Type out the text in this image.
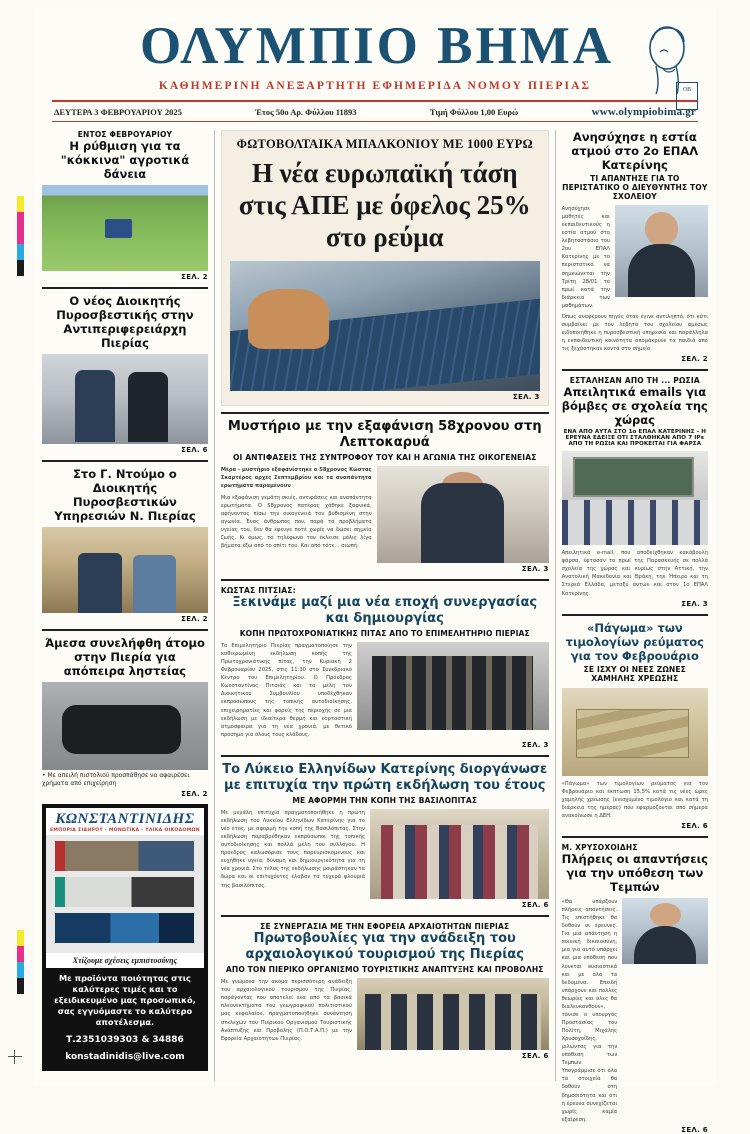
ΟΒ
ΟΛΥΜΠΙΟ ΒΗΜΑ
ΚΑΘΗΜΕΡΙΝΗ ΑΝΕΞΑΡΤΗΤΗ ΕΦΗΜΕΡΙΔΑ ΝΟΜΟΥ ΠΙΕΡΙΑΣ
ΔΕΥΤΕΡΑ 3 ΦΕΒΡΟΥΑΡΙΟΥ 2025	Έτος 50ο Αρ. Φύλλου 11893	Τιμή Φύλλου 1,00 Ευρώ	www.olympiobima.gr
ΕΝΤΟΣ ΦΕΒΡΟΥΑΡΙΟΥ
Η ρύθμιση για τα "κόκκινα" αγροτικά δάνεια
ΣΕΛ. 2
Ο νέος Διοικητής Πυροσβεστικής στην Αντιπεριφερειάρχη Πιερίας
ΣΕΛ. 6
Στο Γ. Ντούμο ο Διοικητής Πυροσβεστικών Υπηρεσιών Ν. Πιερίας
ΣΕΛ. 2
Άμεσα συνελήφθη άτομο στην Πιερία για απόπειρα ληστείας
• Με απειλή πιστολιού προσπάθησε να αφαιρέσει χρήματα από επιχείρηση
ΣΕΛ. 2
ΚΩΝΣΤΑΝΤΙΝΙΔΗΣ
ΕΜΠΟΡΙΑ ΣΙΔΗΡΟΥ · ΜΟΝΩΤΙΚΑ · ΥΛΙΚΑ ΟΙΚΟΔΟΜΩΝ
Χτίζουμε σχέσεις εμπιστοσύνης
Με προϊόντα ποιότητας στις καλύτερες τιμές και το εξειδικευμένο μας προσωπικό, σας εγγυόμαστε το καλύτερο αποτέλεσμα.
Τ.2351039303 & 34886
konstadinidis@live.com
ΦΩΤΟΒΟΛΤΑΙΚΑ ΜΠΑΛΚΟΝΙΟΥ ΜΕ 1000 ΕΥΡΩ
Η νέα ευρωπαϊκή τάση στις ΑΠΕ με όφελος 25% στο ρεύμα
ΣΕΛ. 3
Μυστήριο με την εξαφάνιση 58χρονου στη Λεπτοκαρυά
ΟΙ ΑΝΤΙΦΑΣΕΙΣ ΤΗΣ ΣΥΝΤΡΟΦΟΥ ΤΟΥ ΚΑΙ Η ΑΓΩΝΙΑ ΤΗΣ ΟΙΚΟΓΕΝΕΙΑΣ
Μέρα - μυστήριο εξαφανίστηκε ο 58χρονος Κώστας Σκαρτέρος αρχές Σεπτεμβρίου και τα αναπάντητα ερωτήματα παραμένουν
Μια εξαφάνιση γεμάτη σκιές, αντιφάσεις και αναπάντητα ερωτήματα. Ο 58χρονος πατέρας χάθηκε ξαφνικά, αφήνοντας πίσω την οικογένειά του βυθισμένη στην αγωνία. Ένας άνθρωπος που, παρά τα προβλήματα υγείας του, δεν θα έφευγε ποτέ χωρίς να δώσει σημεία ζωής. Κι όμως, το τηλέφωνό του έκλεισε μόλις λίγα βήματα έξω από το σπίτι του. Και από τότε… σιωπή.
ΣΕΛ. 3
ΚΩΣΤΑΣ ΠΙΤΣΙΑΣ:
Ξεκινάμε μαζί μια νέα εποχή συνεργασίας και δημιουργίας
ΚΟΠΗ ΠΡΩΤΟΧΡΟΝΙΑΤΙΚΗΣ ΠΙΤΑΣ ΑΠΟ ΤΟ ΕΠΙΜΕΛΗΤΗΡΙΟ ΠΙΕΡΙΑΣ
Το Επιμελητήριο Πιερίας πραγματοποίησε την καθιερωμένη εκδήλωση κοπής της Πρωτοχρονιάτικης πίτας, την Κυριακή 2 Φεβρουαρίου 2025, στις 11:30 στο Συνεδριακό Κέντρο του Επιμελητηρίου. Ο Πρόεδρος Κωνσταντίνος Πιτσιάς και τα μέλη του Διοικητικού Συμβουλίου υποδέχθηκαν εκπροσώπους της τοπικής αυτοδιοίκησης, επιχειρηματίες και φορείς της περιοχής σε μια εκδήλωση με ιδιαίτερα θερμή και εορταστική ατμόσφαιρα για τη νέα χρονιά, με θετικό πρόσημο για όλους τους κλάδους.
ΣΕΛ. 3
Το Λύκειο Ελληνίδων Κατερίνης διοργάνωσε με επιτυχία την πρώτη εκδήλωση του έτους
ΜΕ ΑΦΟΡΜΗ ΤΗΝ ΚΟΠΗ ΤΗΣ ΒΑΣΙΛΟΠΙΤΑΣ
Με μεγάλη επιτυχία πραγματοποιήθηκε η πρώτη εκδήλωση του Λυκείου Ελληνίδων Κατερίνης για το νέο έτος, με αφορμή την κοπή της Βασιλόπιτας. Στην εκδήλωση παραβρέθηκαν εκπρόσωποι της τοπικής αυτοδιοίκησης και πολλά μέλη του συλλόγου. Η πρόεδρος καλωσόρισε τους παρευρισκόμενους και ευχήθηκε υγεία, δύναμη και δημιουργικότητα για τη νέα χρονιά. Στο τέλος της εκδήλωσης μοιράστηκαν τα δώρα και οι επιτυχόντες έλαβαν τα τυχερά φλουριά της βασιλόπιτας.
ΣΕΛ. 6
ΣΕ ΣΥΝΕΡΓΑΣΙΑ ΜΕ ΤΗΝ ΕΦΟΡΕΙΑ ΑΡΧΑΙΟΤΗΤΩΝ ΠΙΕΡΙΑΣ
Πρωτοβουλίες για την ανάδειξη του αρχαιολογικού τουρισμού της Πιερίας
ΑΠΟ ΤΟΝ ΠΙΕΡΙΚΟ ΟΡΓΑΝΙΣΜΟ ΤΟΥΡΙΣΤΙΚΗΣ ΑΝΑΠΤΥΞΗΣ ΚΑΙ ΠΡΟΒΟΛΗΣ
Με γνώμονα την ακόμα περισσότερη ανάδειξη του αρχαιολογικού τουρισμού της Πιερίας, παράγοντας που αποτελεί ένα από τα βασικά πλεονεκτήματα του γεωγραφικού πολιτιστικού μας κεφαλαίου, πραγματοποιήθηκε συνάντηση στελεχών του Πιερικού Οργανισμού Τουριστικής Ανάπτυξης και Προβολής (Π.Ο.Τ.Α.Π.) με την Εφορεία Αρχαιοτήτων Πιερίας.
ΣΕΛ. 6
Ανησύχησε η εστία ατμού στο 2ο ΕΠΑΛ Κατερίνης
ΤΙ ΑΠΑΝΤΗΣΕ ΓΙΑ ΤΟ ΠΕΡΙΣΤΑΤΙΚΟ Ο ΔΙΕΥΘΥΝΤΗΣ ΤΟΥ ΣΧΟΛΕΙΟΥ
Ανησύχησε μαθητές και εκπαιδευτικούς η εστία ατμού στο λεβητοστάσιο του 2ου ΕΠΑΛ Κατερίνης με το περιστατικό να σημειώνεται την Τρίτη 28/01 το πρωί κατά την διάρκεια των μαθημάτων.
Όπως αναφέρουν πηγές όταν έγινε αντιληπτό, ότι κάτι συμβαίνει με τον λέβητα του σχολείου αμέσως ειδοποιήθηκε η πυροσβεστική υπηρεσία και παράλληλα η εκπαιδευτική κοινότητα απομάκρυνε τα παιδιά από τις ξεχάστηκαν κοντά στο σημείο.
ΣΕΛ. 2
ΕΣΤΑΛΗΣΑΝ ΑΠΟ ΤΗ ... ΡΩΣΙΑ
Απειλητικά emails για βόμβες σε σχολεία της χώρας
ΕΝΑ ΑΠΟ ΑΥΤΑ ΣΤΟ 1ο ΕΠΑΛ ΚΑΤΕΡΙΝΗΣ - Η ΕΡΕΥΝΑ ΕΔΕΙΞΕ ΟΤΙ ΣΤΑΛΘΗΚΑΝ ΑΠΟ 7 ΙΡs ΑΠΟ ΤΗ ΡΩΣΙΑ ΚΑΙ ΠΡΟΚΕΙΤΑΙ ΓΙΑ ΦΑΡΣΑ
Απειλητικά e-mail, που αποδείχθηκαν κακόβουλη φάρσα, έφτασαν το πρωί της Παρασκευής σε πολλά σχολεία της χώρας και κυρίως στην Αττική, την Ανατολική Μακεδονία και Θράκη, την Ήπειρο και τη Στερεά Ελλάδα, μεταξύ αυτών και στον 1ο ΕΠΑΛ Κατερίνης.
ΣΕΛ. 3
«Πάγωμα» των τιμολογίων ρεύματος για τον Φεβρουάριο
ΣΕ ΙΣΧΥ ΟΙ ΝΕΕΣ ΖΩΝΕΣ ΧΑΜΗΛΗΣ ΧΡΕΩΣΗΣ
«Πάγωμα» των τιμολογίων ρεύματος για τον Φεβρουάριο και έκπτωση 15,5% κατά τις νέες ώρες χαμηλής χρέωσης (ενισχυμένο τιμολόγιο και κατά τη διάρκεια της ημέρας) που εφαρμόζονται από σήμερα ανακοίνωσε η ΔΕΗ.
ΣΕΛ. 6
Μ. ΧΡΥΣΟΧΟΙΔΗΣ
Πλήρεις οι απαντήσεις για την υπόθεση των Τεμπών
«Θα υπάρξουν πλήρεις απαντήσεις. Τις επιστήθηκε θα δοθούν οι έρευνες. Για μια απάντηση η ποινική δικαιοσύνη, μια για αυτό υπάρχει και μια υπόθεση που λύνεται ουσιαστικά και με όλα τα δεδομένα. Επειδή υπάρχουν και πολλές θεωρίες και όλες θα διαλευκανθούν», τόνισε ο υπουργός Προστασίας του Πολίτη, Μιχάλης Χρυσοχοΐδης, μιλώντας για την υπόθεση των Τεμπών. Υπογράμμισε ότι όλα τα στοιχεία θα δοθούν στη δημοσιότητα και ότι η έρευνα συνεχίζεται χωρίς καμία εξαίρεση.
ΣΕΛ. 6
